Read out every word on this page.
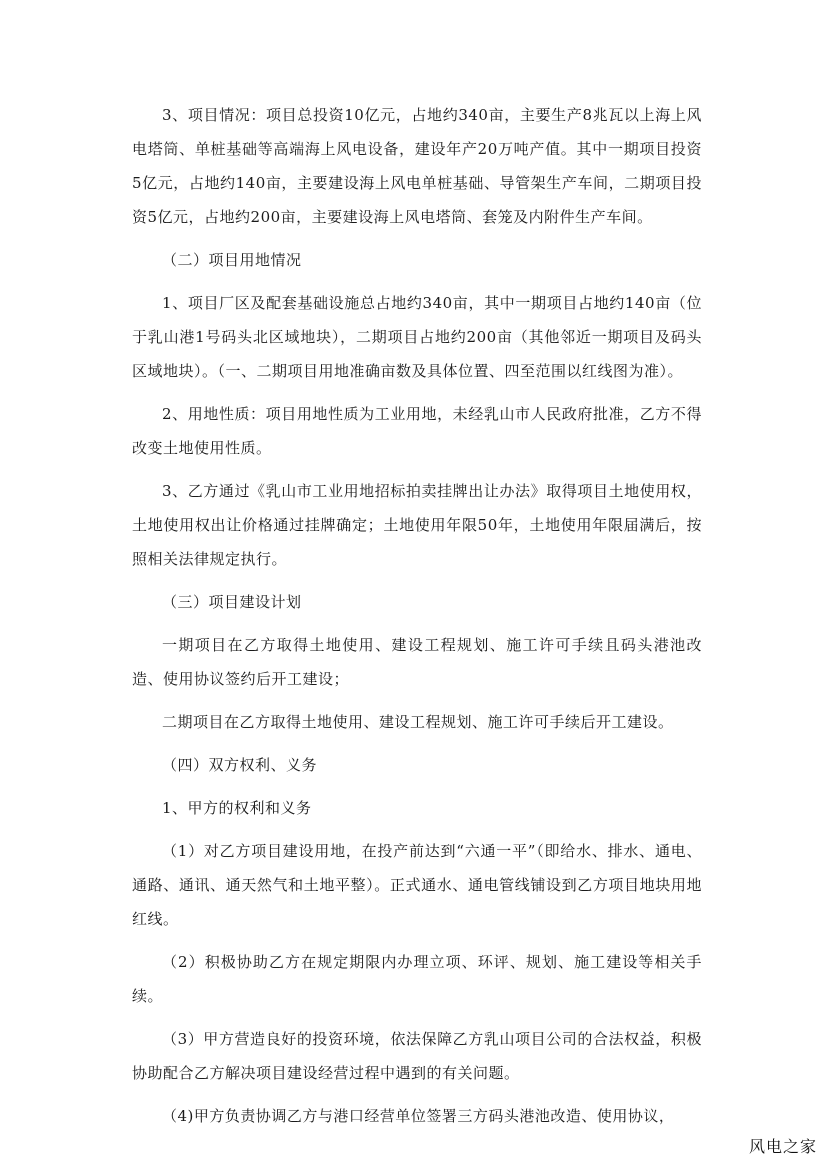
3、项目情况：项目总投资10亿元，占地约340亩，主要生产8兆瓦以上海上风电塔筒、单桩基础等高端海上风电设备，建设年产20万吨产值。其中一期项目投资5亿元，占地约140亩，主要建设海上风电单桩基础、导管架生产车间，二期项目投资5亿元，占地约200亩，主要建设海上风电塔筒、套笼及内附件生产车间。

（二）项目用地情况

1、项目厂区及配套基础设施总占地约340亩，其中一期项目占地约140亩（位于乳山港1号码头北区域地块），二期项目占地约200亩（其他邻近一期项目及码头区域地块）。（一、二期项目用地准确亩数及具体位置、四至范围以红线图为准）。

2、用地性质：项目用地性质为工业用地，未经乳山市人民政府批准，乙方不得改变土地使用性质。

3、乙方通过《乳山市工业用地招标拍卖挂牌出让办法》取得项目土地使用权，土地使用权出让价格通过挂牌确定；土地使用年限50年，土地使用年限届满后，按照相关法律规定执行。

（三）项目建设计划

一期项目在乙方取得土地使用、建设工程规划、施工许可手续且码头港池改造、使用协议签约后开工建设；

二期项目在乙方取得土地使用、建设工程规划、施工许可手续后开工建设。

（四）双方权利、义务

1、甲方的权利和义务

（1）对乙方项目建设用地，在投产前达到“六通一平”（即给水、排水、通电、通路、通讯、通天然气和土地平整）。正式通水、通电管线铺设到乙方项目地块用地红线。

（2）积极协助乙方在规定期限内办理立项、环评、规划、施工建设等相关手续。

（3）甲方营造良好的投资环境，依法保障乙方乳山项目公司的合法权益，积极协助配合乙方解决项目建设经营过程中遇到的有关问题。

（4)甲方负责协调乙方与港口经营单位签署三方码头港池改造、使用协议，

风电之家
